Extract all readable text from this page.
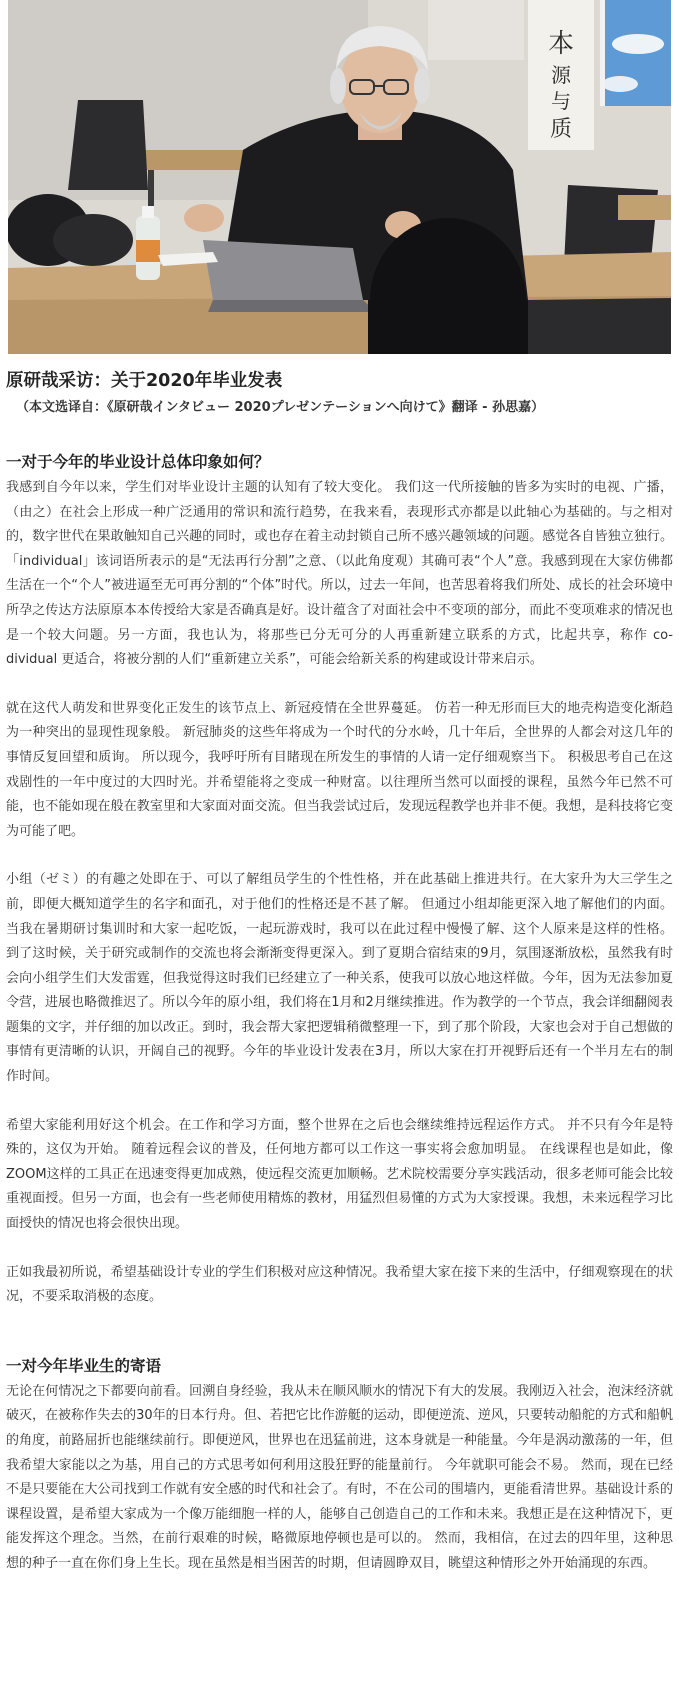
本
源
与
质
原研哉采访：关于2020年毕业发表
（本文选译自：《原研哉インタビュー 2020プレゼンテーションへ向けて》翻译 - 孙思嘉）
一对于今年的毕业设计总体印象如何？

我感到自今年以来，学生们对毕业设计主题的认知有了较大变化。 我们这一代所接触的皆多为实时的电视、广播，（由之）在社会上形成一种广泛通用的常识和流行趋势，在我来看，表现形式亦都是以此轴心为基础的。与之相对的，数字世代在果敢触知自己兴趣的同时，或也存在着主动封锁自己所不感兴趣领域的问题。感觉各自皆独立独行。「individual」该词语所表示的是“无法再行分割”之意、（以此角度观）其确可表“个人”意。我感到现在大家仿佛都生活在一个“个人”被进逼至无可再分割的“个体”时代。所以，过去一年间，也苦思着将我们所处、成长的社会环境中所孕之传达方法原原本本传授给大家是否确真是好。设计蕴含了对面社会中不变项的部分，而此不变项难求的情况也是一个较大问题。另一方面，我也认为，将那些已分无可分的人再重新建立联系的方式，比起共享，称作 co-dividual 更适合，将被分割的人们“重新建立关系”，可能会给新关系的构建或设计带来启示。

就在这代人萌发和世界变化正发生的该节点上、新冠疫情在全世界蔓延。 仿若一种无形而巨大的地壳构造变化渐趋为一种突出的显现性现象般。 新冠肺炎的这些年将成为一个时代的分水岭，几十年后，全世界的人都会对这几年的事情反复回望和质询。 所以现今，我呼吁所有目睹现在所发生的事情的人请一定仔细观察当下。 积极思考自己在这戏剧性的一年中度过的大四时光。并希望能将之变成一种财富。以往理所当然可以面授的课程，虽然今年已然不可能，也不能如现在般在教室里和大家面对面交流。但当我尝试过后，发现远程教学也并非不便。我想，是科技将它变为可能了吧。

小组（ゼミ）的有趣之处即在于、可以了解组员学生的个性性格，并在此基础上推进共行。在大家升为大三学生之前，即便大概知道学生的名字和面孔，对于他们的性格还是不甚了解。 但通过小组却能更深入地了解他们的内面。 当我在暑期研讨集训时和大家一起吃饭，一起玩游戏时，我可以在此过程中慢慢了解、这个人原来是这样的性格。 到了这时候，关于研究或制作的交流也将会渐渐变得更深入。到了夏期合宿结束的9月，氛围逐渐放松，虽然我有时会向小组学生们大发雷霆，但我觉得这时我们已经建立了一种关系，使我可以放心地这样做。今年，因为无法参加夏令营，进展也略微推迟了。所以今年的原小组，我们将在1月和2月继续推进。作为教学的一个节点，我会详细翻阅表题集的文字，并仔细的加以改正。到时，我会帮大家把逻辑稍微整理一下，到了那个阶段，大家也会对于自己想做的事情有更清晰的认识，开阔自己的视野。今年的毕业设计发表在3月，所以大家在打开视野后还有一个半月左右的制作时间。

希望大家能利用好这个机会。在工作和学习方面，整个世界在之后也会继续维持远程运作方式。 并不只有今年是特殊的，这仅为开始。 随着远程会议的普及，任何地方都可以工作这一事实将会愈加明显。 在线课程也是如此，像ZOOM这样的工具正在迅速变得更加成熟，使远程交流更加顺畅。艺术院校需要分享实践活动，很多老师可能会比较重视面授。但另一方面，也会有一些老师使用精炼的教材，用猛烈但易懂的方式为大家授课。我想，未来远程学习比面授快的情况也将会很快出现。

正如我最初所说，希望基础设计专业的学生们积极对应这种情况。我希望大家在接下来的生活中，仔细观察现在的状况，不要采取消极的态度。

一对今年毕业生的寄语

无论在何情况之下都要向前看。回溯自身经验，我从未在顺风顺水的情况下有大的发展。我刚迈入社会，泡沫经济就破灭，在被称作失去的30年的日本行舟。但、若把它比作游艇的运动，即便逆流、逆风，只要转动船舵的方式和船帆的角度，前路屈折也能继续前行。即便逆风，世界也在迅猛前进，这本身就是一种能量。今年是涡动激荡的一年，但我希望大家能以之为基，用自己的方式思考如何利用这股狂野的能量前行。 今年就职可能会不易。 然而，现在已经不是只要能在大公司找到工作就有安全感的时代和社会了。有时，不在公司的围墙内，更能看清世界。基础设计系的课程设置，是希望大家成为一个像万能细胞一样的人，能够自己创造自己的工作和未来。我想正是在这种情况下，更能发挥这个理念。当然，在前行艰难的时候，略微原地停顿也是可以的。 然而，我相信，在过去的四年里，这种思想的种子一直在你们身上生长。现在虽然是相当困苦的时期，但请圆睁双目，眺望这种情形之外开始涌现的东西。
